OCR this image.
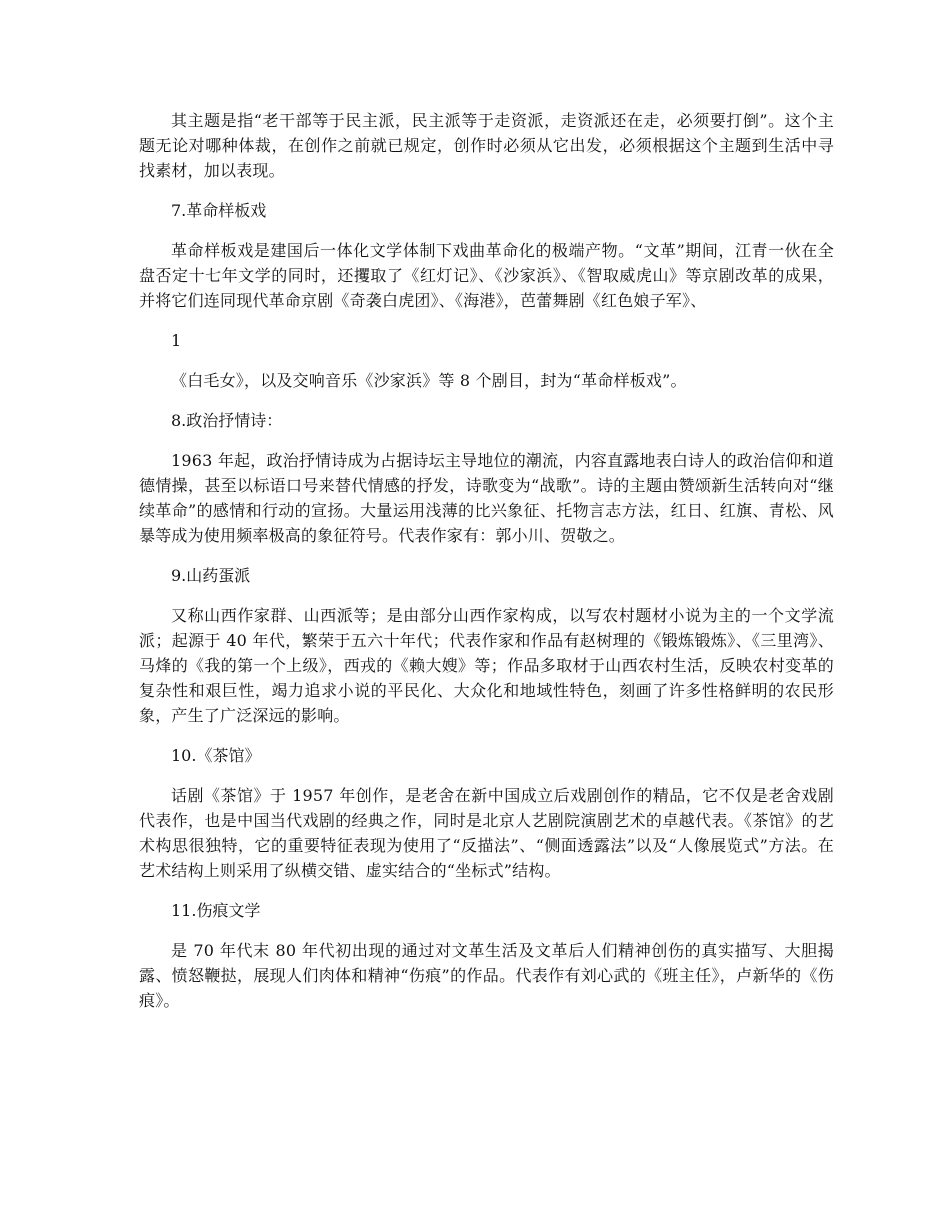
其主题是指“老干部等于民主派，民主派等于走资派，走资派还在走，必须要打倒”。这个主题无论对哪种体裁，在创作之前就已规定，创作时必须从它出发，必须根据这个主题到生活中寻找素材，加以表现。

7.革命样板戏

革命样板戏是建国后一体化文学体制下戏曲革命化的极端产物。“文革”期间，江青一伙在全盘否定十七年文学的同时，还攫取了《红灯记》、《沙家浜》、《智取威虎山》等京剧改革的成果，并将它们连同现代革命京剧《奇袭白虎团》、《海港》，芭蕾舞剧《红色娘子军》、

1

《白毛女》，以及交响音乐《沙家浜》等 8 个剧目，封为“革命样板戏”。

8.政治抒情诗：

1963 年起，政治抒情诗成为占据诗坛主导地位的潮流，内容直露地表白诗人的政治信仰和道德情操，甚至以标语口号来替代情感的抒发，诗歌变为“战歌”。诗的主题由赞颂新生活转向对“继续革命”的感情和行动的宣扬。大量运用浅薄的比兴象征、托物言志方法，红日、红旗、青松、风暴等成为使用频率极高的象征符号。代表作家有：郭小川、贺敬之。

9.山药蛋派

又称山西作家群、山西派等；是由部分山西作家构成，以写农村题材小说为主的一个文学流派；起源于 40 年代，繁荣于五六十年代；代表作家和作品有赵树理的《锻炼锻炼》、《三里湾》、马烽的《我的第一个上级》，西戎的《赖大嫂》等；作品多取材于山西农村生活，反映农村变革的复杂性和艰巨性，竭力追求小说的平民化、大众化和地域性特色，刻画了许多性格鲜明的农民形象，产生了广泛深远的影响。

10.《茶馆》

话剧《茶馆》于 1957 年创作，是老舍在新中国成立后戏剧创作的精品，它不仅是老舍戏剧代表作，也是中国当代戏剧的经典之作，同时是北京人艺剧院演剧艺术的卓越代表。《茶馆》的艺术构思很独特，它的重要特征表现为使用了“反描法”、“侧面透露法”以及“人像展览式”方法。在艺术结构上则采用了纵横交错、虚实结合的“坐标式”结构。

11.伤痕文学

是 70 年代末 80 年代初出现的通过对文革生活及文革后人们精神创伤的真实描写、大胆揭露、愤怒鞭挞，展现人们肉体和精神“伤痕”的作品。代表作有刘心武的《班主任》，卢新华的《伤痕》。
